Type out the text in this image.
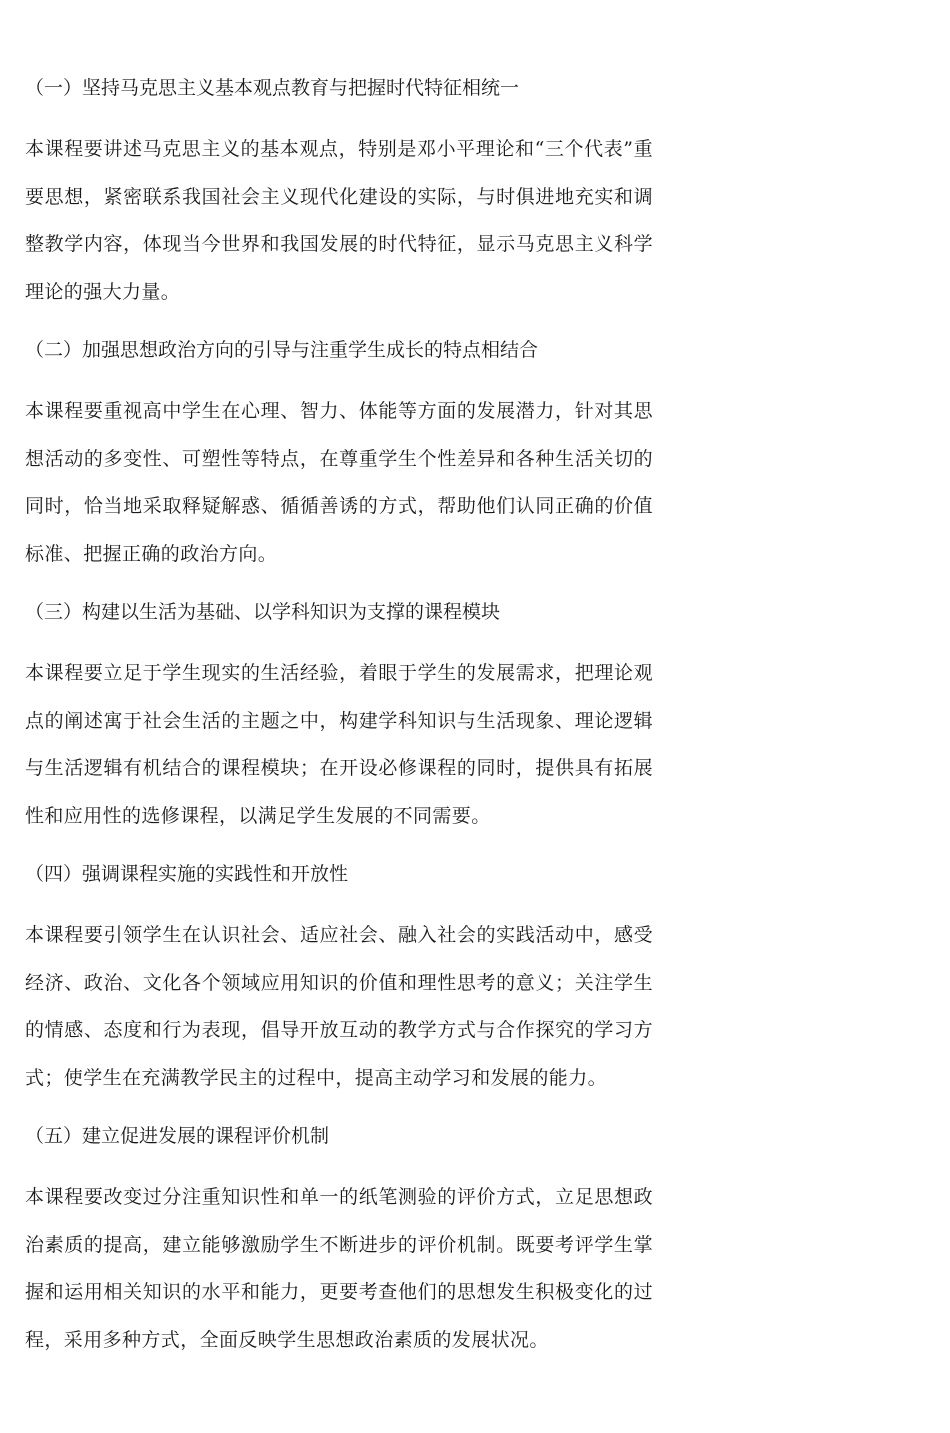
（一）坚持马克思主义基本观点教育与把握时代特征相统一

本课程要讲述马克思主义的基本观点，特别是邓小平理论和“三个代表”重要思想，紧密联系我国社会主义现代化建设的实际，与时俱进地充实和调整教学内容，体现当今世界和我国发展的时代特征，显示马克思主义科学理论的强大力量。

（二）加强思想政治方向的引导与注重学生成长的特点相结合

本课程要重视高中学生在心理、智力、体能等方面的发展潜力，针对其思想活动的多变性、可塑性等特点，在尊重学生个性差异和各种生活关切的同时，恰当地采取释疑解惑、循循善诱的方式，帮助他们认同正确的价值标准、把握正确的政治方向。

（三）构建以生活为基础、以学科知识为支撑的课程模块

本课程要立足于学生现实的生活经验，着眼于学生的发展需求，把理论观点的阐述寓于社会生活的主题之中，构建学科知识与生活现象、理论逻辑与生活逻辑有机结合的课程模块；在开设必修课程的同时，提供具有拓展性和应用性的选修课程，以满足学生发展的不同需要。

（四）强调课程实施的实践性和开放性

本课程要引领学生在认识社会、适应社会、融入社会的实践活动中，感受经济、政治、文化各个领域应用知识的价值和理性思考的意义；关注学生的情感、态度和行为表现，倡导开放互动的教学方式与合作探究的学习方式；使学生在充满教学民主的过程中，提高主动学习和发展的能力。

（五）建立促进发展的课程评价机制

本课程要改变过分注重知识性和单一的纸笔测验的评价方式，立足思想政治素质的提高，建立能够激励学生不断进步的评价机制。既要考评学生掌握和运用相关知识的水平和能力，更要考查他们的思想发生积极变化的过程，采用多种方式，全面反映学生思想政治素质的发展状况。
